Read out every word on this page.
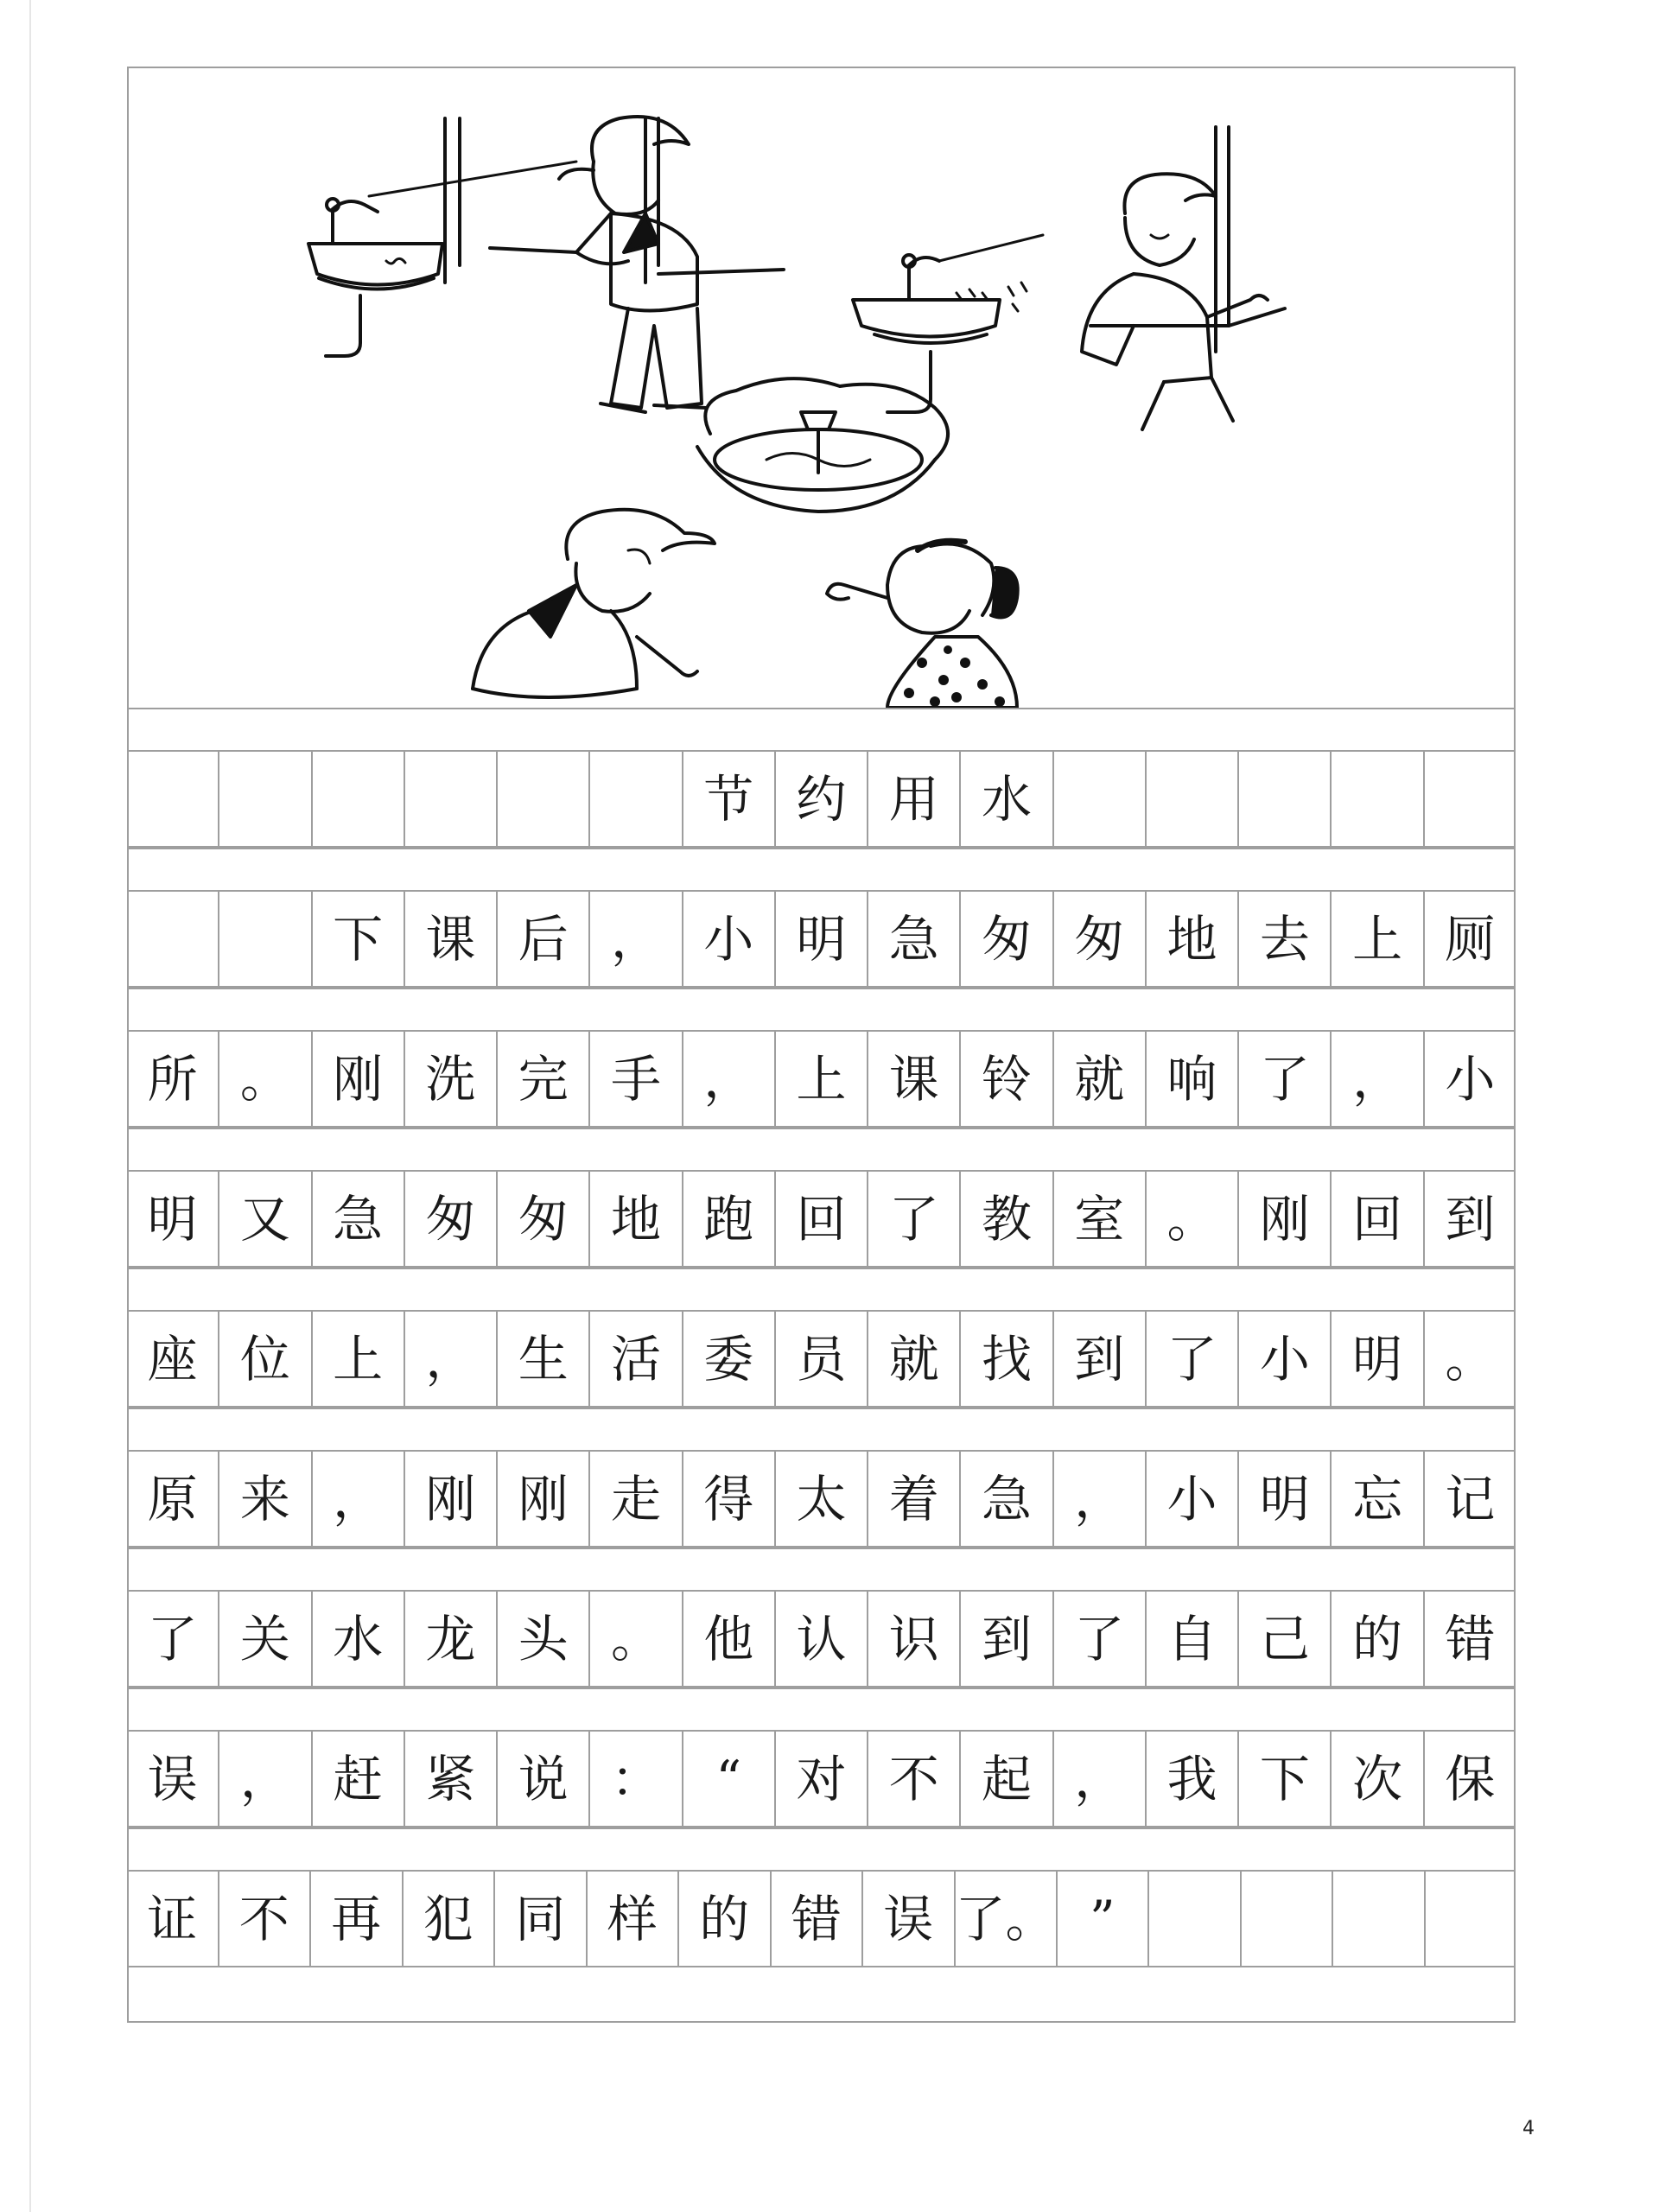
节 约 用 水
下 课 后 ， 小 明 急 匆 匆 地 去 上 厕
所 。 刚 洗 完 手 ， 上 课 铃 就 响 了 ， 小
明 又 急 匆 匆 地 跑 回 了 教 室 。 刚 回 到
座 位 上 ， 生 活 委 员 就 找 到 了 小 明 。
原 来 ， 刚 刚 走 得 太 着 急 ， 小 明 忘 记
了 关 水 龙 头 。 他 认 识 到 了 自 己 的 错
误 ， 赶 紧 说 ：	“	对 不 起 ， 我 下 次 保
证 不 再 犯 同 样 的 错 误 了。 ”
4
